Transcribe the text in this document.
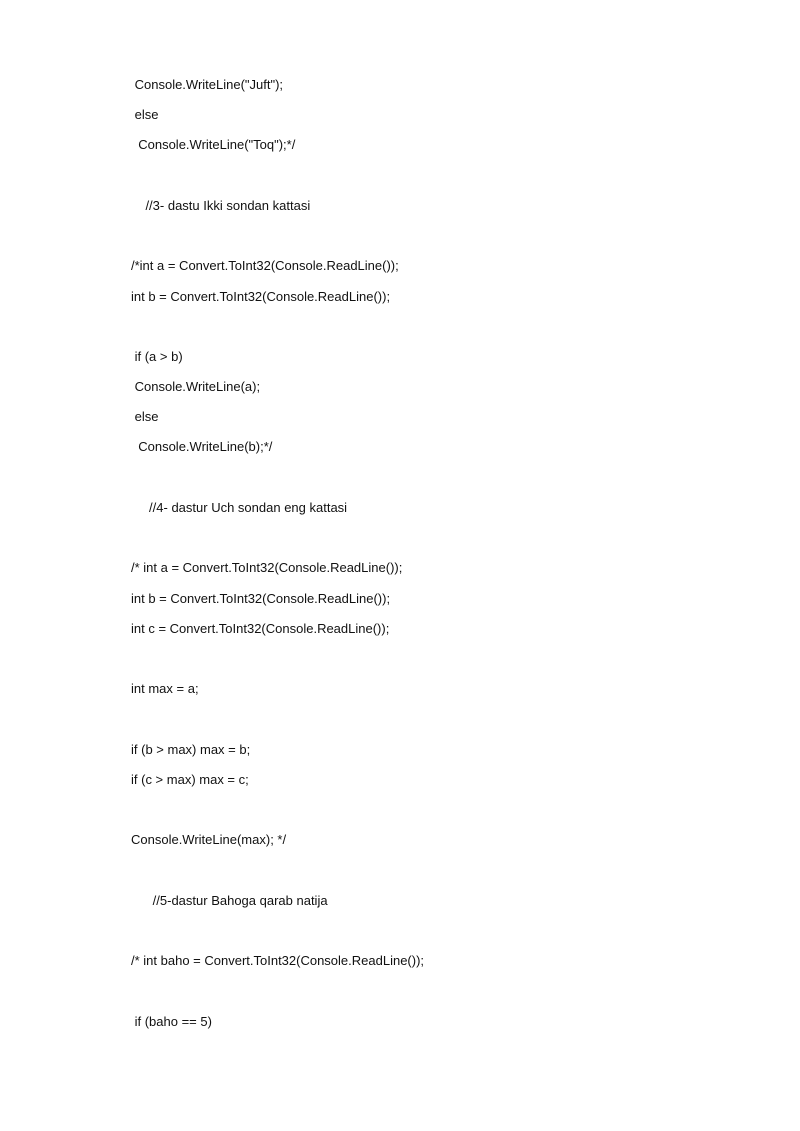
Console.WriteLine("Juft");

else

Console.WriteLine("Toq");*/

//3- dastu Ikki sondan kattasi

/*int a = Convert.ToInt32(Console.ReadLine());

int b = Convert.ToInt32(Console.ReadLine());

if (a > b)

Console.WriteLine(a);

else

Console.WriteLine(b);*/

//4- dastur Uch sondan eng kattasi

/* int a = Convert.ToInt32(Console.ReadLine());

int b = Convert.ToInt32(Console.ReadLine());

int c = Convert.ToInt32(Console.ReadLine());

int max = a;

if (b > max) max = b;

if (c > max) max = c;

Console.WriteLine(max); */

//5-dastur Bahoga qarab natija

/* int baho = Convert.ToInt32(Console.ReadLine());

if (baho == 5)
